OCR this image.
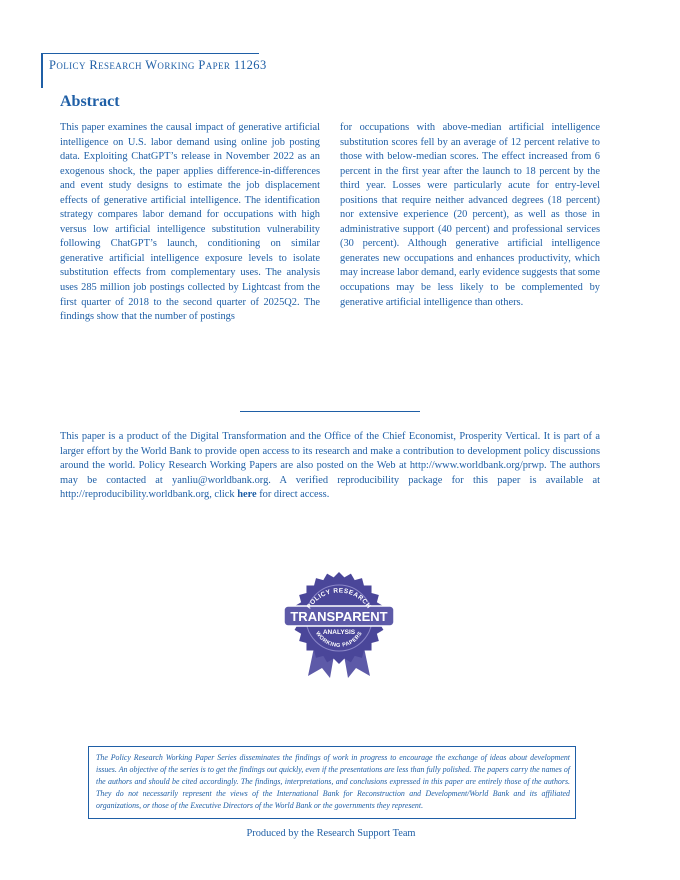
Policy Research Working Paper 11263
Abstract

This paper examines the causal impact of generative artificial intelligence on U.S. labor demand using online job posting data. Exploiting ChatGPT’s release in November 2022 as an exogenous shock, the paper applies difference-in-differences and event study designs to estimate the job displacement effects of generative artificial intelligence. The identification strategy compares labor demand for occupations with high versus low artificial intelligence substitution vulnerability following ChatGPT’s launch, conditioning on similar generative artificial intelligence exposure levels to isolate substitution effects from complementary uses. The analysis uses 285 million job postings collected by Lightcast from the first quarter of 2018 to the second quarter of 2025Q2. The findings show that the number of postings

for occupations with above-median artificial intelligence substitution scores fell by an average of 12 percent relative to those with below-median scores. The effect increased from 6 percent in the first year after the launch to 18 percent by the third year. Losses were particularly acute for entry-level positions that require neither advanced degrees (18 percent) nor extensive experience (20 percent), as well as those in administrative support (40 percent) and professional services (30 percent). Although generative artificial intelligence generates new occupations and enhances productivity, which may increase labor demand, early evidence suggests that some occupations may be less likely to be complemented by generative artificial intelligence than others.

This paper is a product of the Digital Transformation and the Office of the Chief Economist, Prosperity Vertical. It is part of a larger effort by the World Bank to provide open access to its research and make a contribution to development policy discussions around the world. Policy Research Working Papers are also posted on the Web at http://www.worldbank.org/prwp. The authors may be contacted at yanliu@worldbank.org. A verified reproducibility package for this paper is available at http://reproducibility.worldbank.org, click here for direct access.

POLICY RESEARCH
TRANSPARENT
ANALYSIS
WORKING PAPERS

The Policy Research Working Paper Series disseminates the findings of work in progress to encourage the exchange of ideas about development issues. An objective of the series is to get the findings out quickly, even if the presentations are less than fully polished. The papers carry the names of the authors and should be cited accordingly. The findings, interpretations, and conclusions expressed in this paper are entirely those of the authors. They do not necessarily represent the views of the International Bank for Reconstruction and Development/World Bank and its affiliated organizations, or those of the Executive Directors of the World Bank or the governments they represent.

Produced by the Research Support Team
